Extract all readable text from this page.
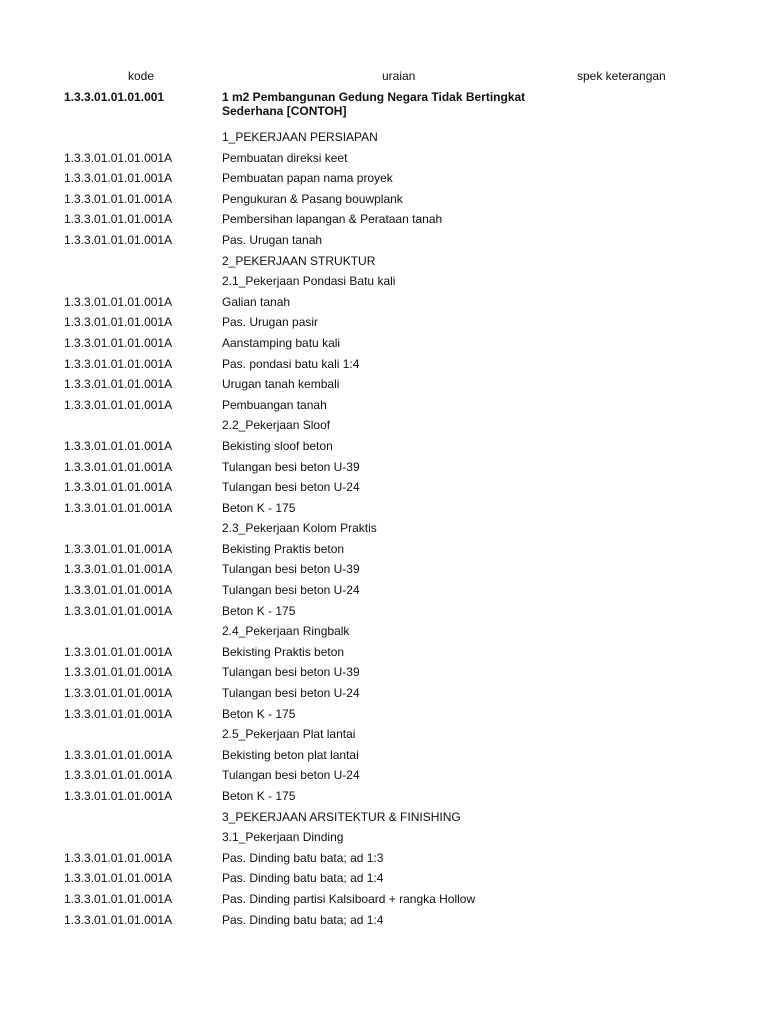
kode	uraian	spek keterangan
1.3.3.01.01.01.001	1 m2 Pembangunan Gedung Negara Tidak Bertingkat Sederhana [CONTOH]
1_PEKERJAAN PERSIAPAN
1.3.3.01.01.01.001A	Pembuatan direksi keet
1.3.3.01.01.01.001A	Pembuatan papan nama proyek
1.3.3.01.01.01.001A	Pengukuran & Pasang bouwplank
1.3.3.01.01.01.001A	Pembersihan lapangan & Perataan tanah
1.3.3.01.01.01.001A	Pas. Urugan tanah
2_PEKERJAAN STRUKTUR
2.1_Pekerjaan Pondasi Batu kali
1.3.3.01.01.01.001A	Galian tanah
1.3.3.01.01.01.001A	Pas. Urugan pasir
1.3.3.01.01.01.001A	Aanstamping batu kali
1.3.3.01.01.01.001A	Pas. pondasi batu kali 1:4
1.3.3.01.01.01.001A	Urugan tanah kembali
1.3.3.01.01.01.001A	Pembuangan tanah
2.2_Pekerjaan Sloof
1.3.3.01.01.01.001A	Bekisting sloof beton
1.3.3.01.01.01.001A	Tulangan besi beton U-39
1.3.3.01.01.01.001A	Tulangan besi beton U-24
1.3.3.01.01.01.001A	Beton K - 175
2.3_Pekerjaan Kolom Praktis
1.3.3.01.01.01.001A	Bekisting Praktis beton
1.3.3.01.01.01.001A	Tulangan besi beton U-39
1.3.3.01.01.01.001A	Tulangan besi beton U-24
1.3.3.01.01.01.001A	Beton K - 175
2.4_Pekerjaan Ringbalk
1.3.3.01.01.01.001A	Bekisting Praktis beton
1.3.3.01.01.01.001A	Tulangan besi beton U-39
1.3.3.01.01.01.001A	Tulangan besi beton U-24
1.3.3.01.01.01.001A	Beton K - 175
2.5_Pekerjaan Plat lantai
1.3.3.01.01.01.001A	Bekisting beton plat lantai
1.3.3.01.01.01.001A	Tulangan besi beton U-24
1.3.3.01.01.01.001A	Beton K - 175
3_PEKERJAAN ARSITEKTUR & FINISHING
3.1_Pekerjaan Dinding
1.3.3.01.01.01.001A	Pas. Dinding batu bata; ad 1:3
1.3.3.01.01.01.001A	Pas. Dinding batu bata; ad 1:4
1.3.3.01.01.01.001A	Pas. Dinding partisi Kalsiboard + rangka Hollow
1.3.3.01.01.01.001A	Pas. Dinding batu bata; ad 1:4
